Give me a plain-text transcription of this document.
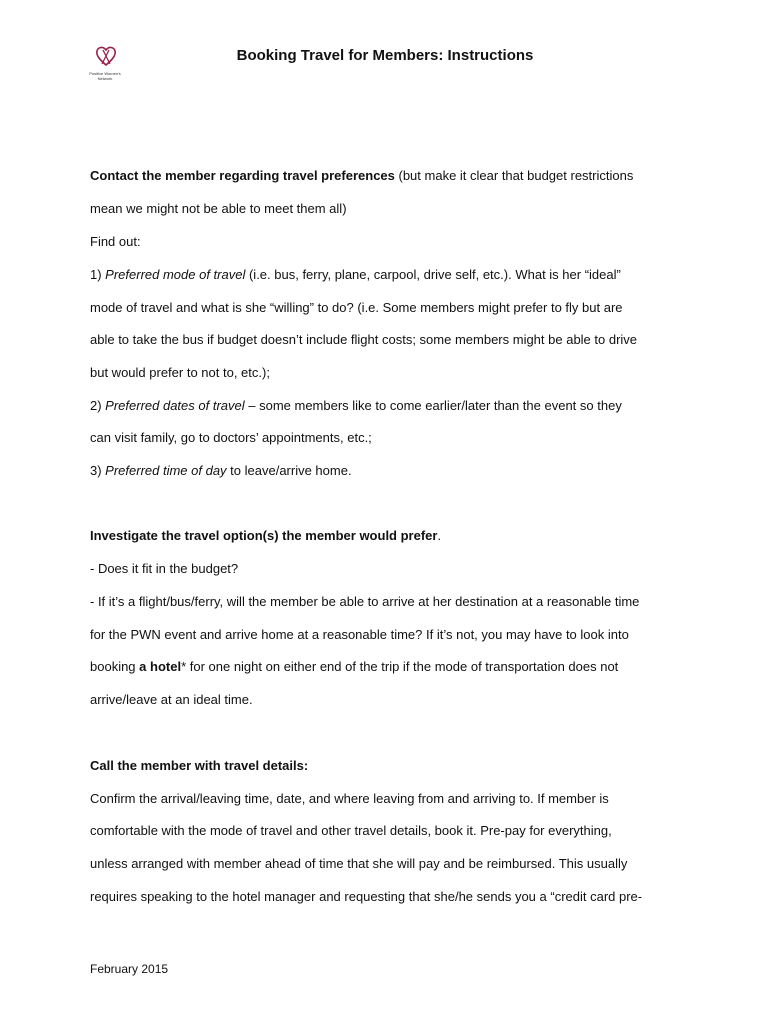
Positive Women's Network
Booking Travel for Members: Instructions
Contact the member regarding travel preferences (but make it clear that budget restrictions
mean we might not be able to meet them all)
Find out:
1) Preferred mode of travel (i.e. bus, ferry, plane, carpool, drive self, etc.). What is her “ideal”
mode of travel and what is she “willing” to do? (i.e. Some members might prefer to fly but are
able to take the bus if budget doesn’t include flight costs; some members might be able to drive
but would prefer to not to, etc.);
2) Preferred dates of travel – some members like to come earlier/later than the event so they
can visit family, go to doctors’ appointments, etc.;
3) Preferred time of day to leave/arrive home.
Investigate the travel option(s) the member would prefer.
- Does it fit in the budget?
- If it’s a flight/bus/ferry, will the member be able to arrive at her destination at a reasonable time
for the PWN event and arrive home at a reasonable time? If it’s not, you may have to look into
booking a hotel* for one night on either end of the trip if the mode of transportation does not
arrive/leave at an ideal time.
Call the member with travel details:
Confirm the arrival/leaving time, date, and where leaving from and arriving to. If member is
comfortable with the mode of travel and other travel details, book it. Pre-pay for everything,
unless arranged with member ahead of time that she will pay and be reimbursed. This usually
requires speaking to the hotel manager and requesting that she/he sends you a “credit card pre-
February 2015
